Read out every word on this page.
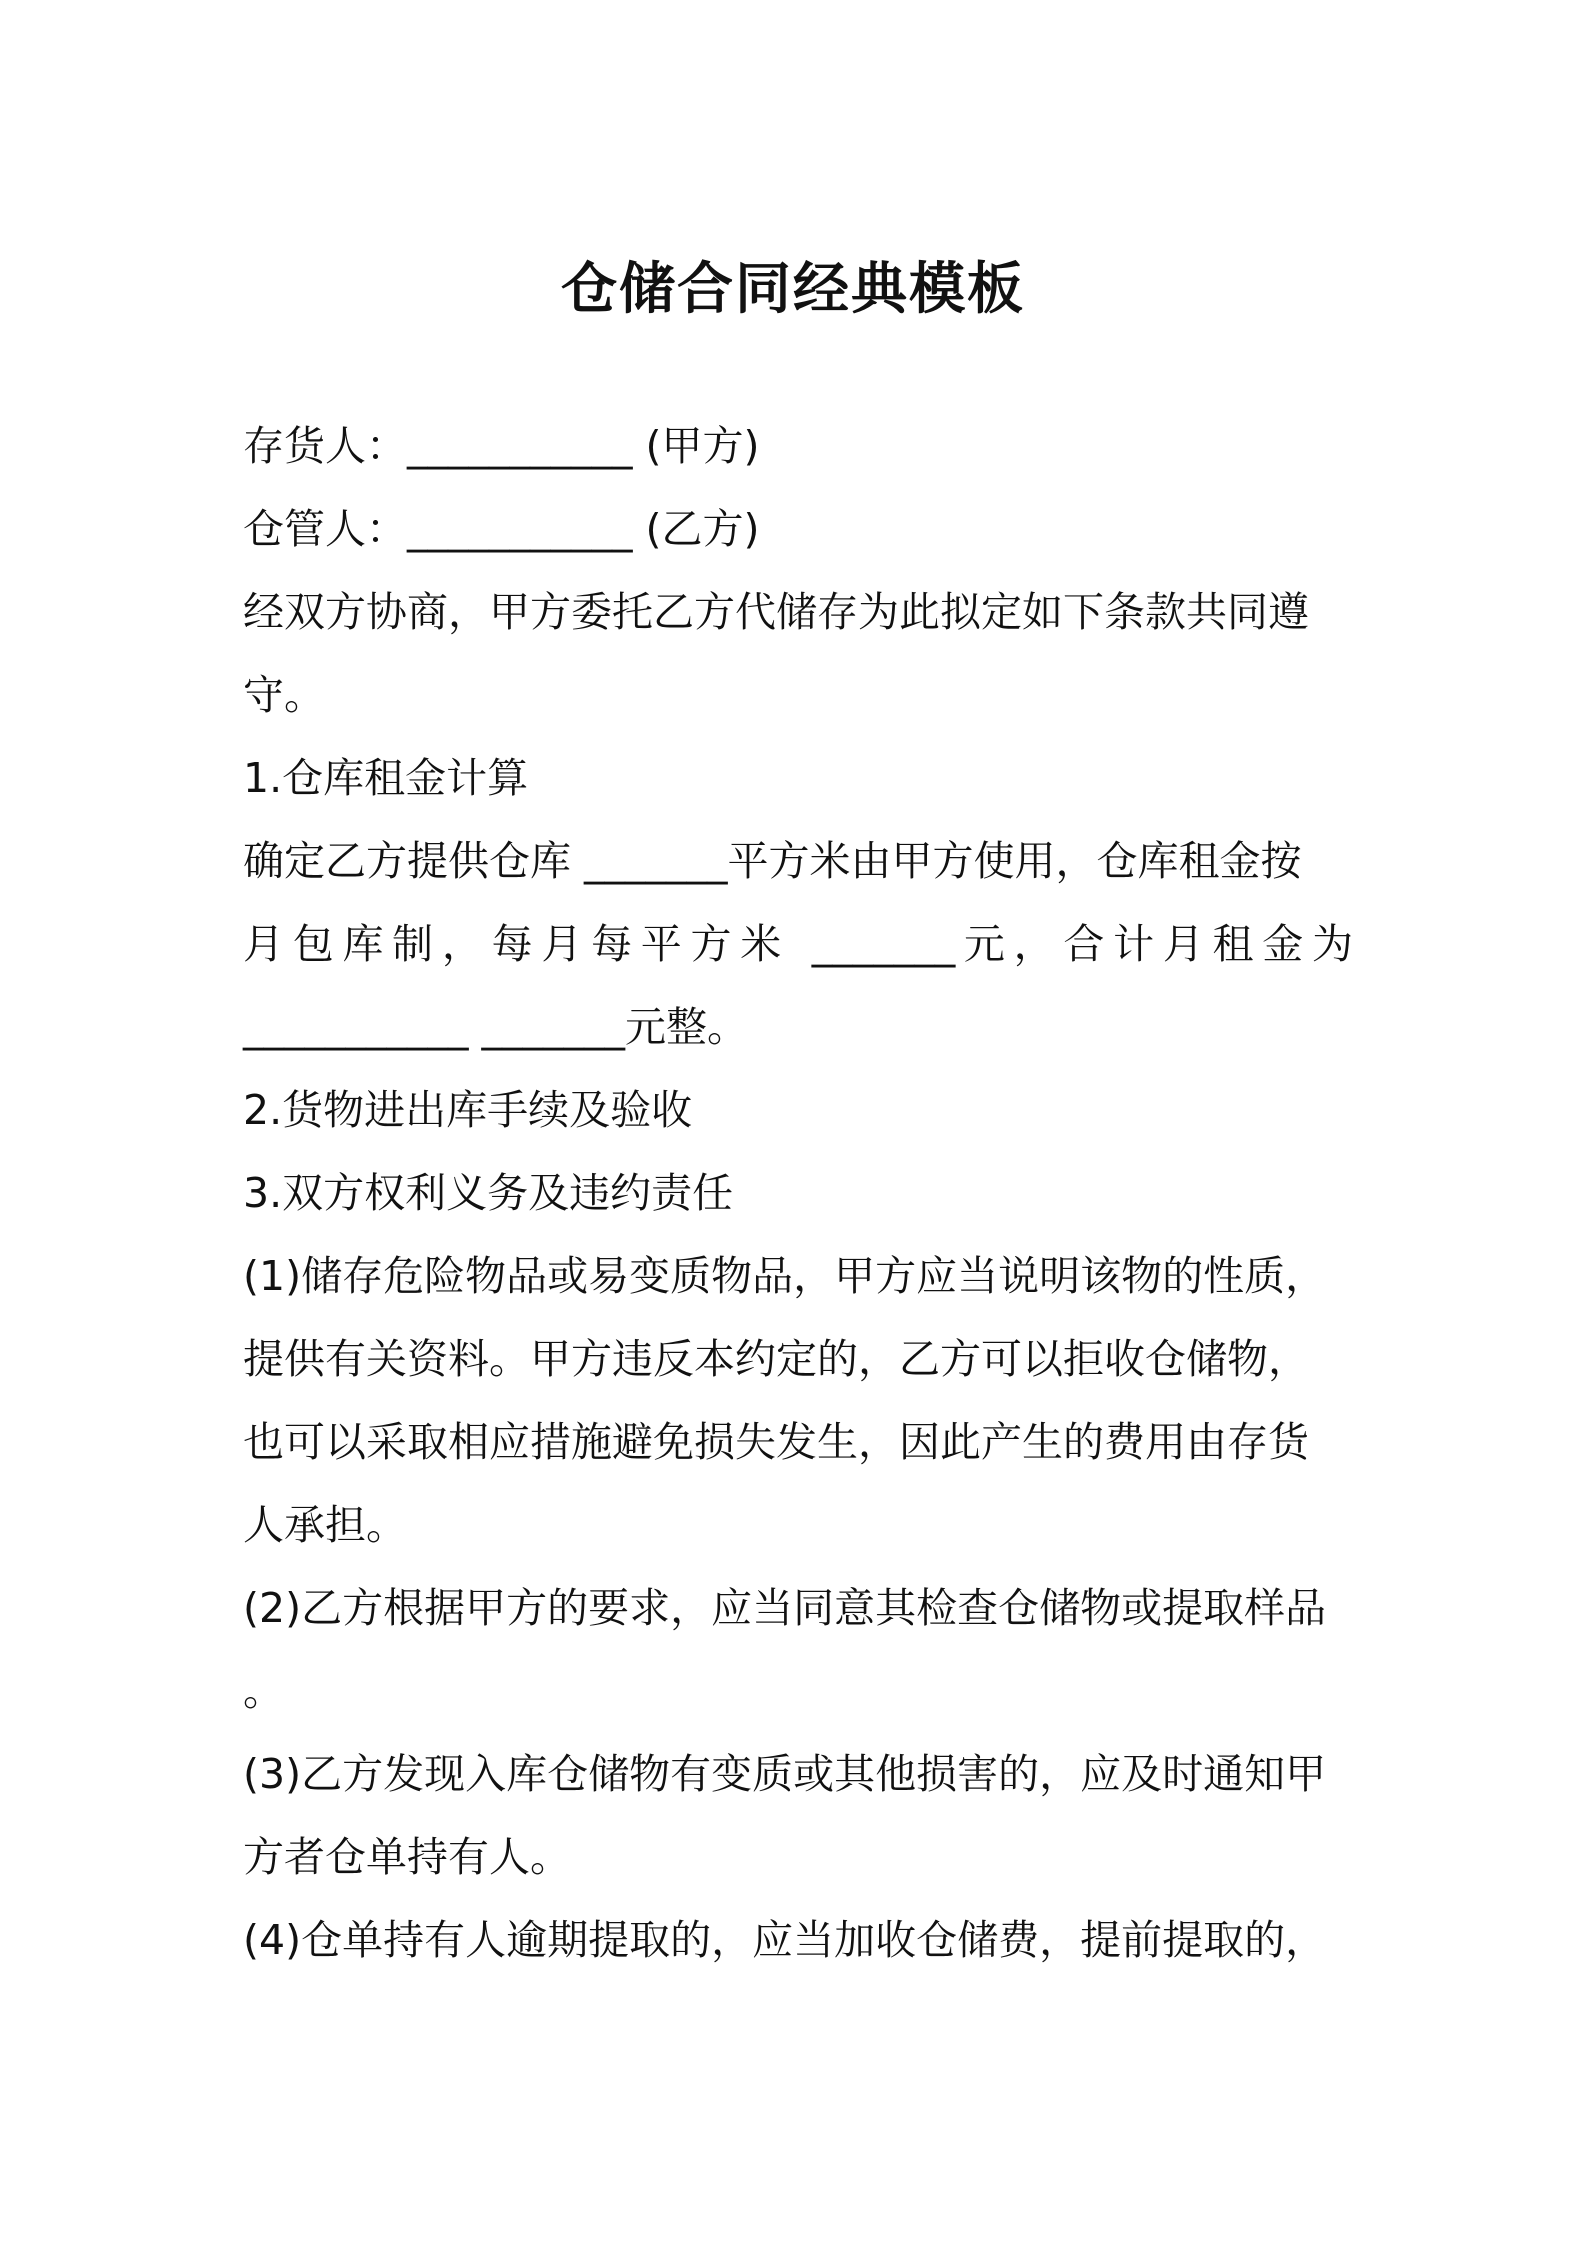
仓储合同经典模板
存货人：___________ (甲方)
仓管人：___________ (乙方)
经双方协商，甲方委托乙方代储存为此拟定如下条款共同遵
守。
1.仓库租金计算
确定乙方提供仓库 _______平方米由甲方使用，仓库租金按
月包库制，每月每平方米 _______元，合计月租金为
___________ _______元整。
2.货物进出库手续及验收
3.双方权利义务及违约责任
(1)储存危险物品或易变质物品，甲方应当说明该物的性质，
提供有关资料。甲方违反本约定的，乙方可以拒收仓储物，
也可以采取相应措施避免损失发生，因此产生的费用由存货
人承担。
(2)乙方根据甲方的要求，应当同意其检查仓储物或提取样品
。
(3)乙方发现入库仓储物有变质或其他损害的，应及时通知甲
方者仓单持有人。
(4)仓单持有人逾期提取的，应当加收仓储费，提前提取的，
